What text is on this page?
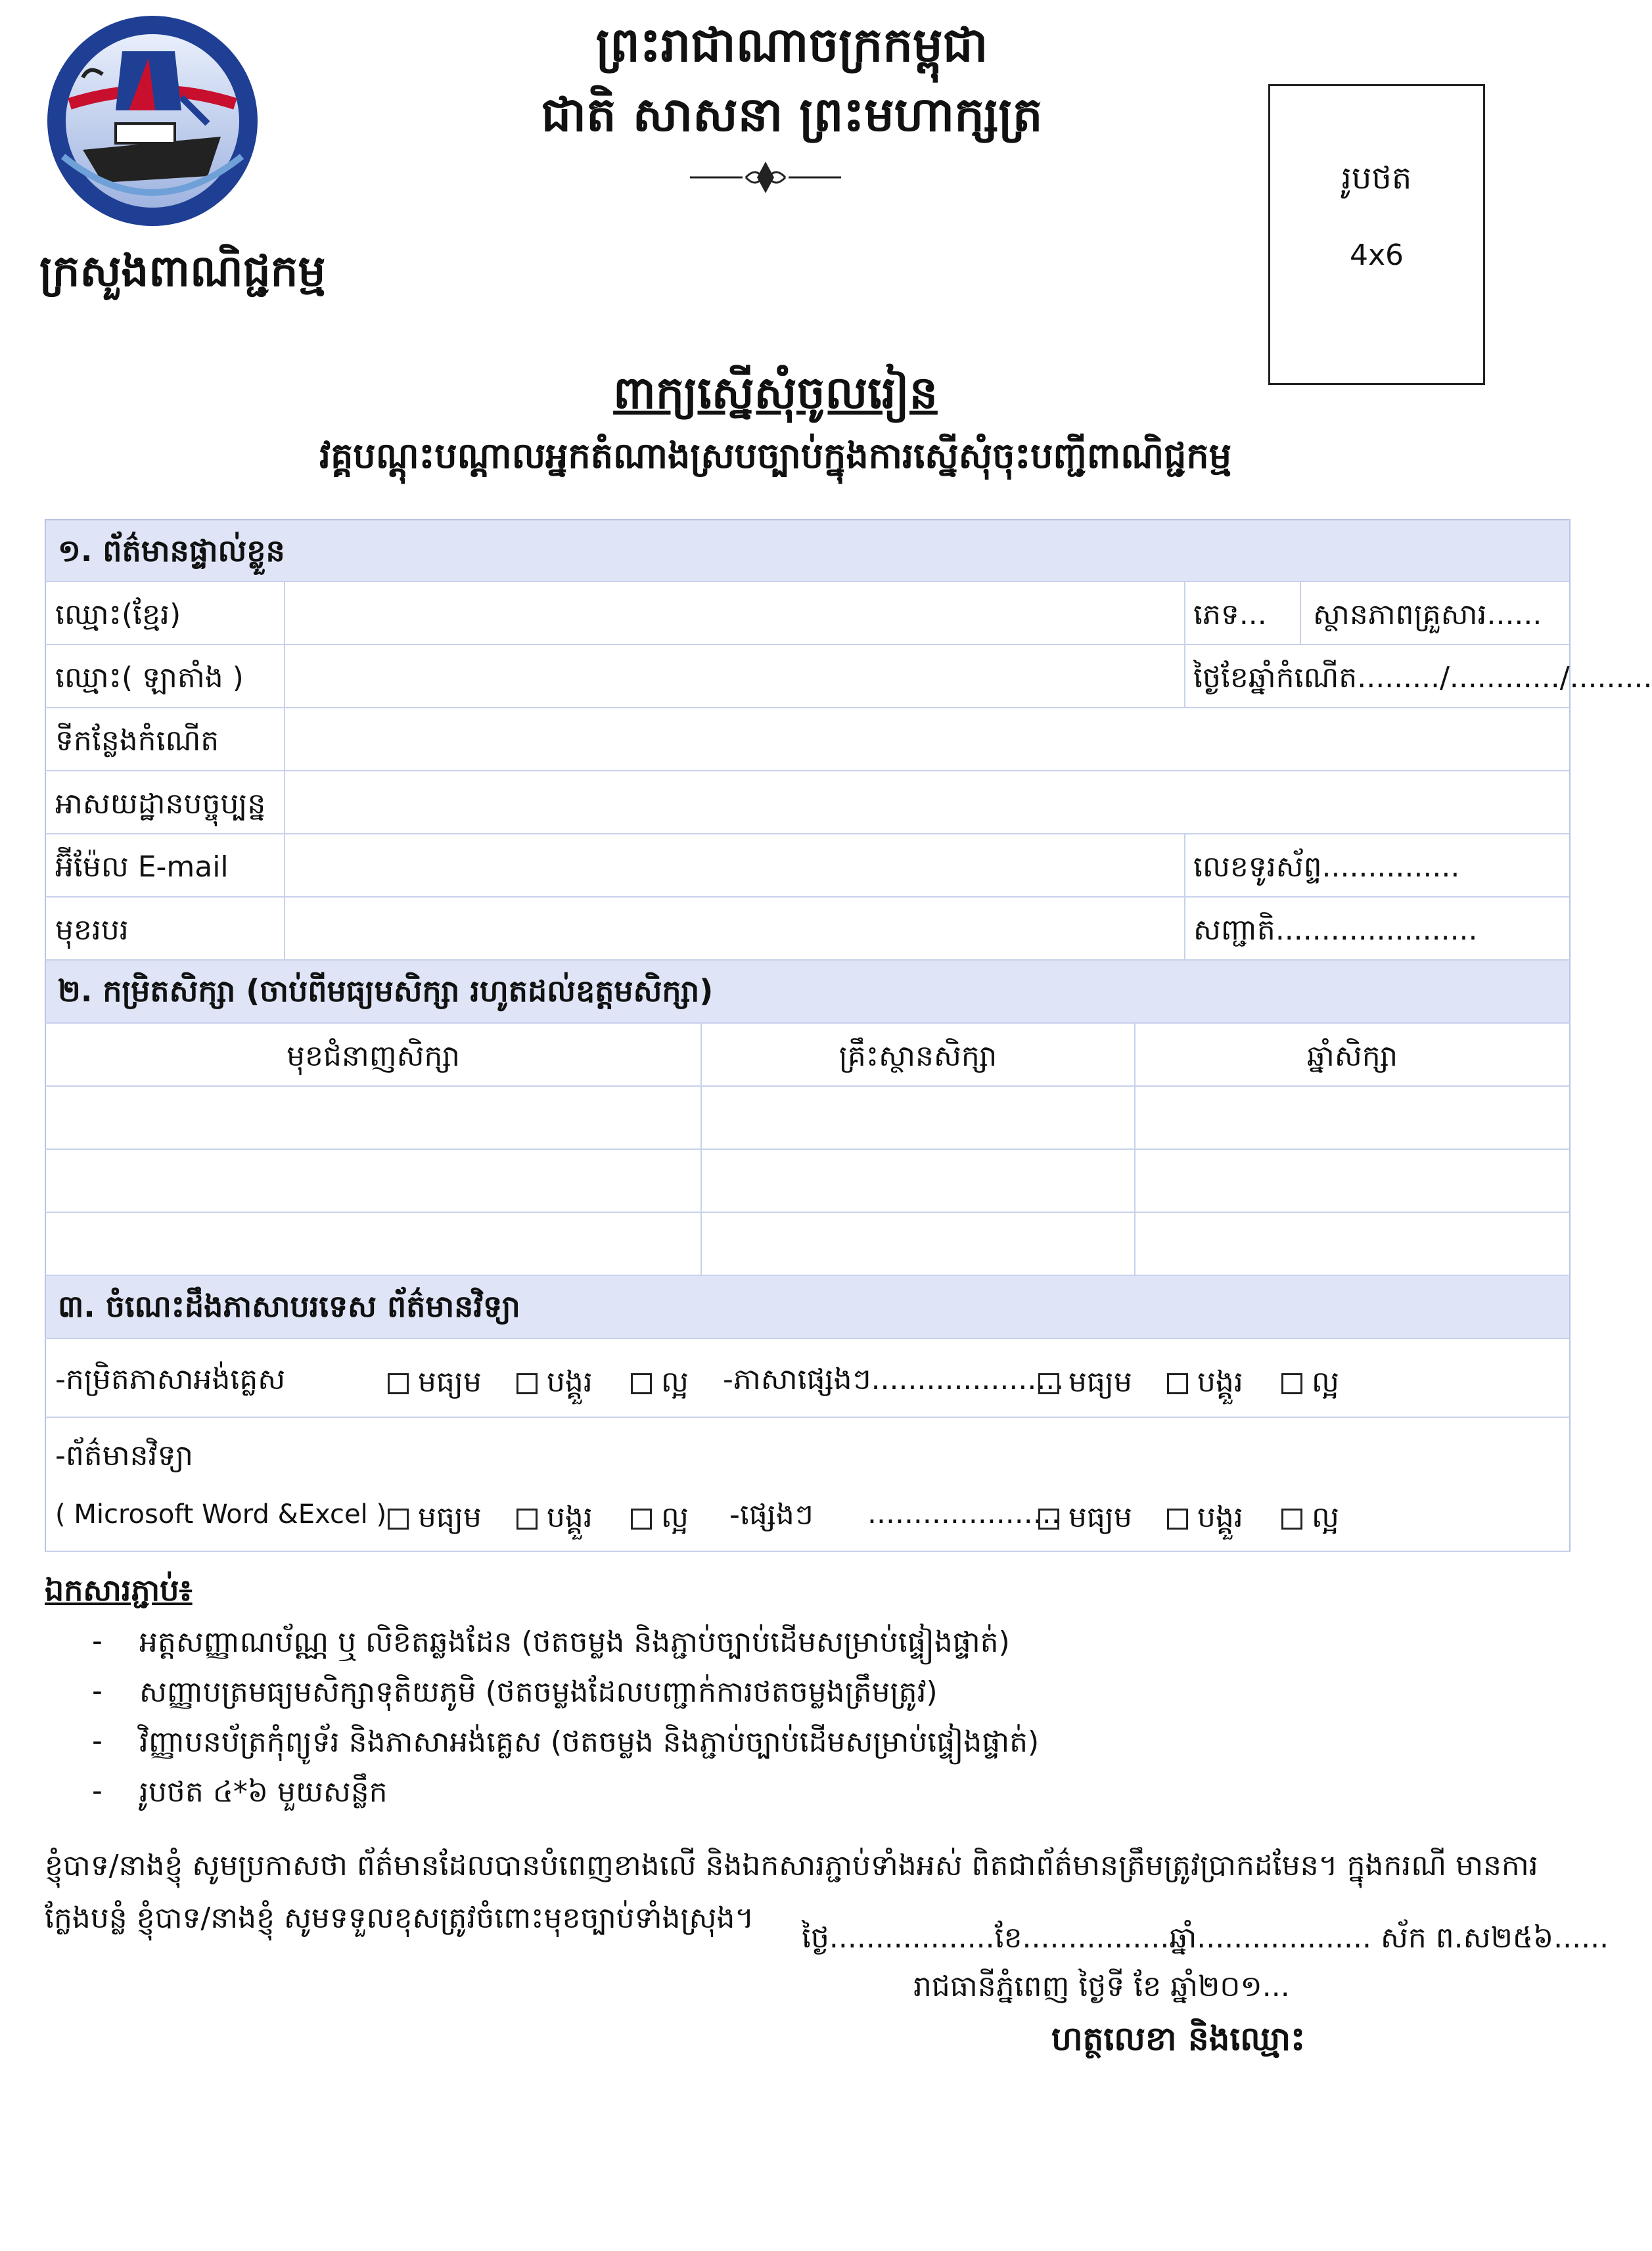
ក្រសួងពាណិជ្ជកម្ម
ព្រះរាជាណាចក្រកម្ពុជា
ជាតិ សាសនា ព្រះមហាក្សត្រ
រូបថត
4x6
ពាក្យស្នើសុំចូលរៀន
វគ្គបណ្តុះបណ្តាលអ្នកតំណាងស្របច្បាប់ក្នុងការស្នើសុំចុះបញ្ជីពាណិជ្ជកម្ម
១. ព័ត៌មានផ្ទាល់ខ្លួន
ឈ្មោះ(ខ្មែរ)	ភេទ... ស្ថានភាពគ្រួសារ......
ឈ្មោះ( ឡាតាំង )	ថ្ងៃខែឆ្នាំកំណើត........./............/.........
ទីកន្លែងកំណើត
អាសយដ្ឋានបច្ចុប្បន្ន
អ៊ីម៉ែល E-mail	លេខទូរស័ព្ទ...............
មុខរបរ	សញ្ជាតិ......................
២. កម្រិតសិក្សា (ចាប់ពីមធ្យមសិក្សា រហូតដល់ឧត្តមសិក្សា)
មុខជំនាញសិក្សា	គ្រឹះស្ថានសិក្សា	ឆ្នាំសិក្សា
៣. ចំណេះដឹងភាសាបរទេស ព័ត៌មានវិទ្យា
-កម្រិតភាសាអង់គ្លេស	មធ្យម	បង្គួរ	ល្អ -ភាសាផ្សេងៗ..................... មធ្យម	បង្គួរ	ល្អ
-ព័ត៌មានវិទ្យា
( Microsoft Word &Excel )	មធ្យម	បង្គួរ	ល្អ -ផ្សេងៗ ..................... មធ្យម	បង្គួរ	ល្អ
ឯកសារភ្ជាប់៖
- អត្តសញ្ញាណប័ណ្ណ ឬ លិខិតឆ្លងដែន (ថតចម្លង និងភ្ជាប់ច្បាប់ដើមសម្រាប់ផ្ទៀងផ្ទាត់)
- សញ្ញាបត្រមធ្យមសិក្សាទុតិយភូមិ (ថតចម្លងដែលបញ្ជាក់ការថតចម្លងត្រឹមត្រូវ)
- វិញ្ញាបនប័ត្រកុំព្យូទ័រ និងភាសាអង់គ្លេស (ថតចម្លង និងភ្ជាប់ច្បាប់ដើមសម្រាប់ផ្ទៀងផ្ទាត់)
- រូបថត ៤*៦ មួយសន្លឹក
ខ្ញុំបាទ/នាងខ្ញុំ សូមប្រកាសថា ព័ត៌មានដែលបានបំពេញខាងលើ និងឯកសារភ្ជាប់ទាំងអស់ ពិតជាព័ត៌មានត្រឹមត្រូវប្រាកដមែន។ ក្នុងករណី មានការក្លែងបន្លំ ខ្ញុំបាទ/នាងខ្ញុំ សូមទទួលខុសត្រូវចំពោះមុខច្បាប់ទាំងស្រុង។
ថ្ងៃ..................ខែ................ឆ្នាំ................... ស័ក ព.ស២៥៦......
រាជធានីភ្នំពេញ ថ្ងៃទី ខែ ឆ្នាំ២០១...
ហត្ថលេខា និងឈ្មោះ
